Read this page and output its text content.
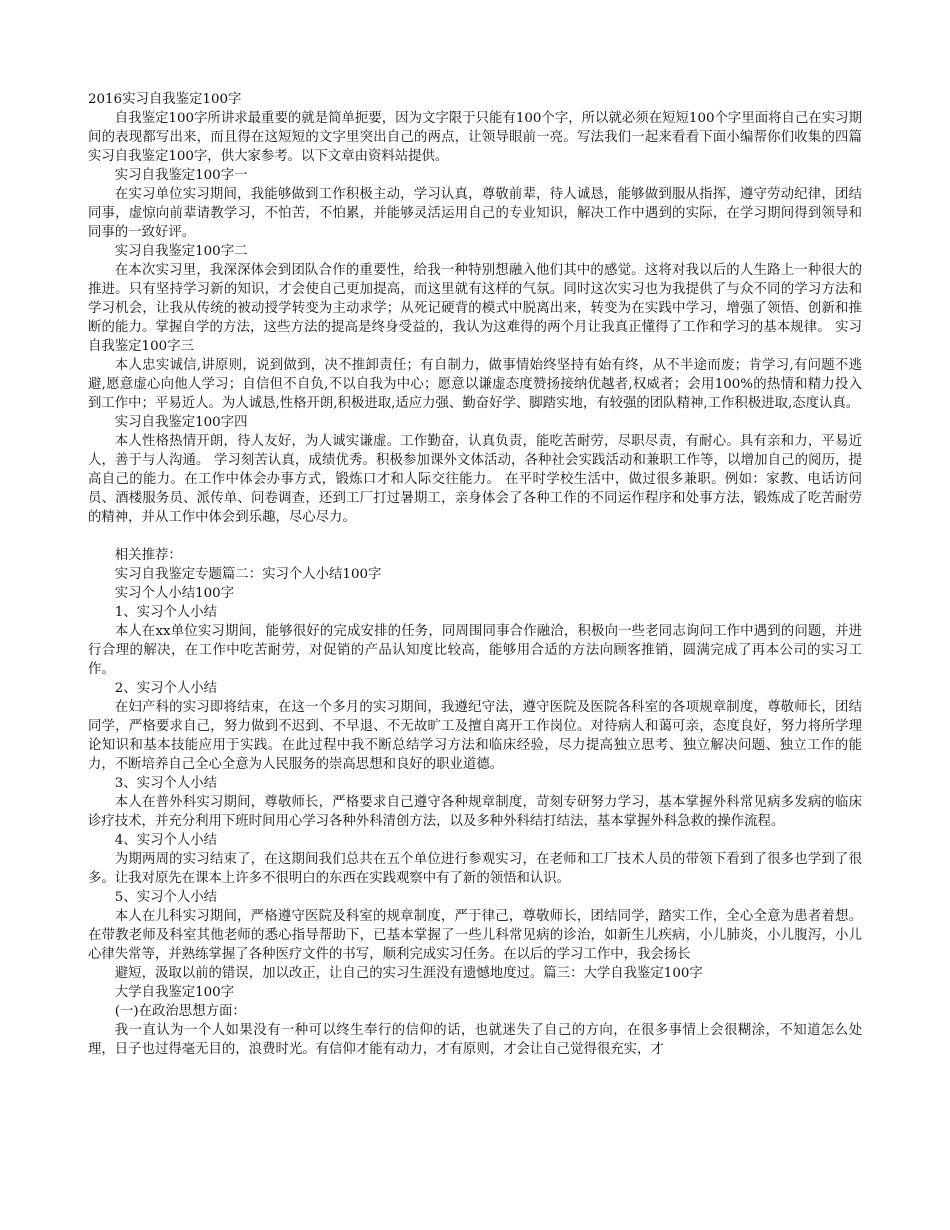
2016实习自我鉴定100字

自我鉴定100字所讲求最重要的就是简单扼要，因为文字限于只能有100个字，所以就必须在短短100个字里面将自己在实习期间的表现都写出来，而且得在这短短的文字里突出自己的两点，让领导眼前一亮。写法我们一起来看看下面小编帮你们收集的四篇实习自我鉴定100字，供大家参考。以下文章由资料站提供。

实习自我鉴定100字一

在实习单位实习期间，我能够做到工作积极主动，学习认真，尊敬前辈，待人诚恳，能够做到服从指挥，遵守劳动纪律，团结同事，虚惊向前辈请教学习，不怕苦，不怕累，并能够灵活运用自己的专业知识，解决工作中遇到的实际，在学习期间得到领导和同事的一致好评。

实习自我鉴定100字二

在本次实习里，我深深体会到团队合作的重要性，给我一种特别想融入他们其中的感觉。这将对我以后的人生路上一种很大的推进。只有坚持学习新的知识，才会使自己更加提高，而这里就有这样的气氛。同时这次实习也为我提供了与众不同的学习方法和学习机会，让我从传统的被动授学转变为主动求学；从死记硬背的模式中脱离出来，转变为在实践中学习，增强了领悟、创新和推断的能力。掌握自学的方法，这些方法的提高是终身受益的，我认为这难得的两个月让我真正懂得了工作和学习的基本规律。 实习自我鉴定100字三

本人忠实诚信,讲原则，说到做到，决不推卸责任；有自制力，做事情始终坚持有始有终，从不半途而废；肯学习,有问题不逃避,愿意虚心向他人学习；自信但不自负,不以自我为中心；愿意以谦虚态度赞扬接纳优越者,权威者；会用100%的热情和精力投入到工作中；平易近人。为人诚恳,性格开朗,积极进取,适应力强、勤奋好学、脚踏实地，有较强的团队精神,工作积极进取,态度认真。

实习自我鉴定100字四

本人性格热情开朗，待人友好，为人诚实谦虚。工作勤奋，认真负责，能吃苦耐劳，尽职尽责，有耐心。具有亲和力，平易近人，善于与人沟通。 学习刻苦认真，成绩优秀。积极参加课外文体活动，各种社会实践活动和兼职工作等，以增加自己的阅历，提高自己的能力。在工作中体会办事方式，锻炼口才和人际交往能力。 在平时学校生活中，做过很多兼职。例如：家教、电话访问员、酒楼服务员、派传单、问卷调查，还到工厂打过暑期工，亲身体会了各种工作的不同运作程序和处事方法，锻炼成了吃苦耐劳的精神，并从工作中体会到乐趣，尽心尽力。

相关推荐：

实习自我鉴定专题篇二：实习个人小结100字

实习个人小结100字

1、实习个人小结

本人在xx单位实习期间，能够很好的完成安排的任务，同周围同事合作融洽，积极向一些老同志询问工作中遇到的问题，并进行合理的解决，在工作中吃苦耐劳，对促销的产品认知度比较高，能够用合适的方法向顾客推销，圆满完成了再本公司的实习工作。

2、实习个人小结

在妇产科的实习即将结束，在这一个多月的实习期间，我遵纪守法，遵守医院及医院各科室的各项规章制度，尊敬师长，团结同学，严格要求自己，努力做到不迟到、不早退、不无故旷工及擅自离开工作岗位。对待病人和蔼可亲，态度良好，努力将所学理论知识和基本技能应用于实践。在此过程中我不断总结学习方法和临床经验，尽力提高独立思考、独立解决问题、独立工作的能力，不断培养自己全心全意为人民服务的崇高思想和良好的职业道德。

3、实习个人小结

本人在普外科实习期间，尊敬师长，严格要求自己遵守各种规章制度，苛刻专研努力学习，基本掌握外科常见病多发病的临床诊疗技术，并充分利用下班时间用心学习各种外科清创方法，以及多种外科结打结法，基本掌握外科急救的操作流程。

4、实习个人小结

为期两周的实习结束了，在这期间我们总共在五个单位进行参观实习，在老师和工厂技术人员的带领下看到了很多也学到了很多。让我对原先在课本上许多不很明白的东西在实践观察中有了新的领悟和认识。

5、实习个人小结

本人在儿科实习期间，严格遵守医院及科室的规章制度，严于律己，尊敬师长，团结同学，踏实工作，全心全意为患者着想。在带教老师及科室其他老师的悉心指导帮助下，已基本掌握了一些儿科常见病的诊治，如新生儿疾病，小儿肺炎，小儿腹泻，小儿心律失常等，并熟练掌握了各种医疗文件的书写，顺利完成实习任务。在以后的学习工作中，我会扬长

避短，汲取以前的错误，加以改正，让自己的实习生涯没有遗憾地度过。篇三：大学自我鉴定100字

大学自我鉴定100字

(一)在政治思想方面：

我一直认为一个人如果没有一种可以终生奉行的信仰的话，也就迷失了自己的方向，在很多事情上会很糊涂，不知道怎么处理，日子也过得毫无目的，浪费时光。有信仰才能有动力，才有原则，才会让自己觉得很充实，才
